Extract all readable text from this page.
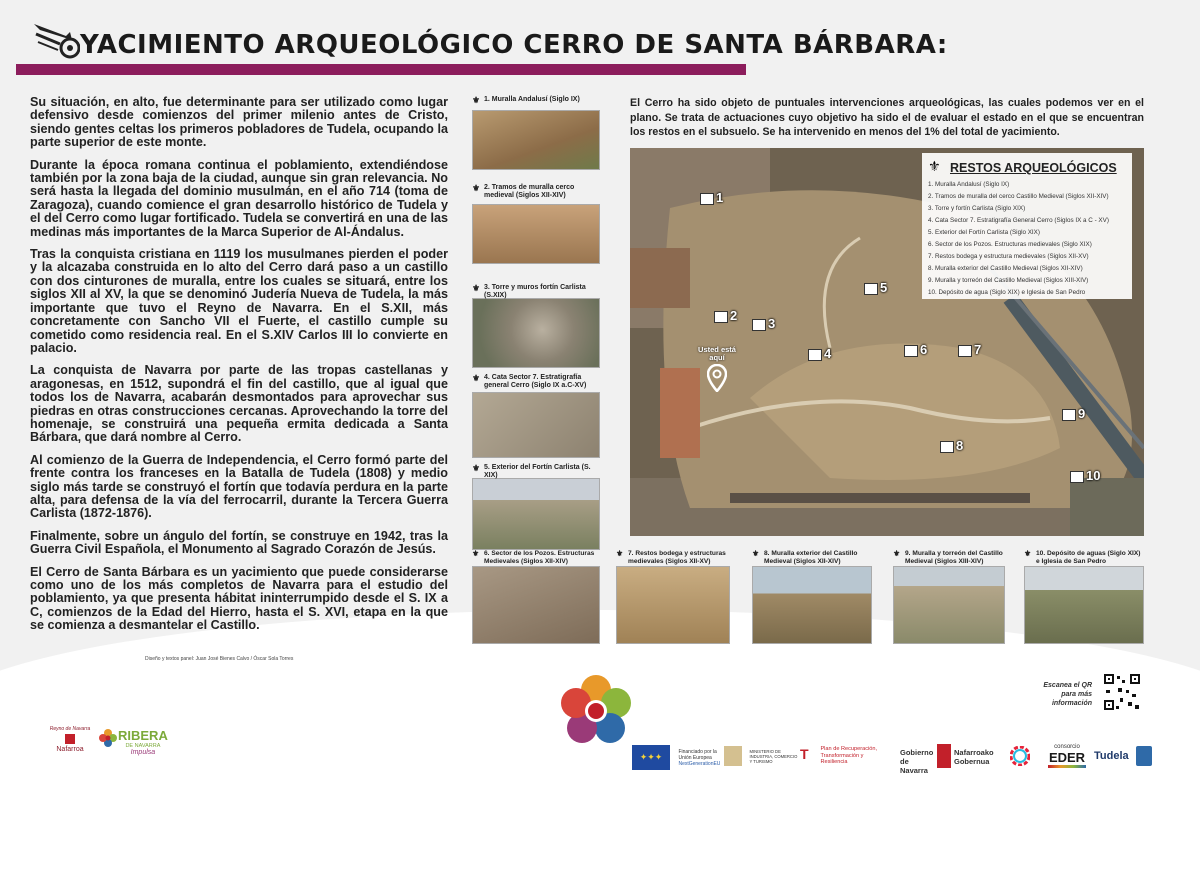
YACIMIENTO ARQUEOLÓGICO CERRO DE SANTA BÁRBARA:

Su situación, en alto, fue determinante para ser utilizado como lugar defensivo desde comienzos del primer milenio antes de Cristo, siendo gentes celtas los primeros pobladores de Tudela, ocupando la parte superior de este monte.

Durante la época romana continua el poblamiento, extendiéndose también por la zona baja de la ciudad, aunque sin gran relevancia. No será hasta la llegada del dominio musulmán, en el año 714 (toma de Zaragoza), cuando comience el gran desarrollo histórico de Tudela y el del Cerro como lugar fortificado. Tudela se convertirá en una de las medinas más importantes de la Marca Superior de Al-Ándalus.

Tras la conquista cristiana en 1119 los musulmanes pierden el poder y la alcazaba construida en lo alto del Cerro dará paso a un castillo con dos cinturones de muralla, entre los cuales se situará, entre los siglos XII al XV, la que se denominó Judería Nueva de Tudela, la más importante que tuvo el Reyno de Navarra. En el S.XII, más concretamente con Sancho VII el Fuerte, el castillo cumple su cometido como residencia real. En el S.XIV Carlos III lo convierte en palacio.

La conquista de Navarra por parte de las tropas castellanas y aragonesas, en 1512, supondrá el fin del castillo, que al igual que todos los de Navarra, acabarán desmontados para aprovechar sus piedras en otras construcciones cercanas. Aprovechando la torre del homenaje, se construirá una pequeña ermita dedicada a Santa Bárbara, que dará nombre al Cerro.

Al comienzo de la Guerra de Independencia, el Cerro formó parte del frente contra los franceses en la Batalla de Tudela (1808) y medio siglo más tarde se construyó el fortín que todavía perdura en la parte alta, para defensa de la vía del ferrocarril, durante la Tercera Guerra Carlista (1872-1876).

Finalmente, sobre un ángulo del fortín, se construye en 1942, tras la Guerra Civil Española, el Monumento al Sagrado Corazón de Jesús.

El Cerro de Santa Bárbara es un yacimiento que puede considerarse como uno de los más completos de Navarra para el estudio del poblamiento, ya que presenta hábitat ininterrumpido desde el S. IX a C, comienzos de la Edad del Hierro, hasta el S. XVI, etapa en la que se comienza a desmantelar el Castillo.

⚜ 1. Muralla Andalusí (Siglo IX)
⚜ 2. Tramos de muralla cerco medieval (Siglos XII-XIV)
⚜ 3. Torre y muros fortín Carlista (S.XIX)
⚜ 4. Cata Sector 7. Estratigrafía general Cerro (Siglo IX a.C-XV)
⚜ 5. Exterior del Fortín Carlista (S. XIX)
El Cerro ha sido objeto de puntuales intervenciones arqueológicas, las cuales podemos ver en el plano. Se trata de actuaciones cuyo objetivo ha sido el de evaluar el estado en el que se encuentran los restos en el subsuelo. Se ha intervenido en menos del 1% del total de yacimiento.
1
2
3
4
5
6	7
8
9
10
Usted está aquí
⚜ RESTOS ARQUEOLÓGICOS
1. Muralla Andalusí (Siglo IX)
2. Tramos de muralla del cerco Castillo Medieval (Siglos XII-XIV)
3. Torre y fortín Carlista (Siglo XIX)
4. Cata Sector 7. Estratigrafía General Cerro (Siglos IX a C - XV)
5. Exterior del Fortín Carlista (Siglo XIX)
6. Sector de los Pozos. Estructuras medievales (Siglo XIX)
7. Restos bodega y estructura medievales (Siglos XII-XV)
8. Muralla exterior del Castillo Medieval (Siglos XII-XIV)
9. Muralla y torreón del Castillo Medieval (Siglos XIII-XIV)
10. Depósito de agua (Siglo XIX) e Iglesia de San Pedro
⚜ 6. Sector de los Pozos. Estructuras Medievales (Siglos XII-XIV)
⚜ 7. Restos bodega y estructuras medievales (Siglos XII-XV)
⚜ 8. Muralla exterior del Castillo Medieval (Siglos XII-XIV)
⚜ 9. Muralla y torreón del Castillo Medieval (Siglos XIII-XIV)
⚜ 10. Depósito de aguas (Siglo XIX) e Iglesia de San Pedro
Diseño y textos panel: Juan José Bienes Calvo / Óscar Sola Torres
Escanea el QR para más información
Reyno de Navarra
Nafarroa
RIBERA
DE NAVARRA
Impulsa	✦✦✦
Financiado por la Unión Europea
NextGenerationEU
MINISTERIO DE INDUSTRIA, COMERCIO Y TURISMO	T Plan de Recuperación, Transformación y Resiliencia
Gobierno de Navarra
Nafarroako Gobernua
consorcio
EDER Tudela
